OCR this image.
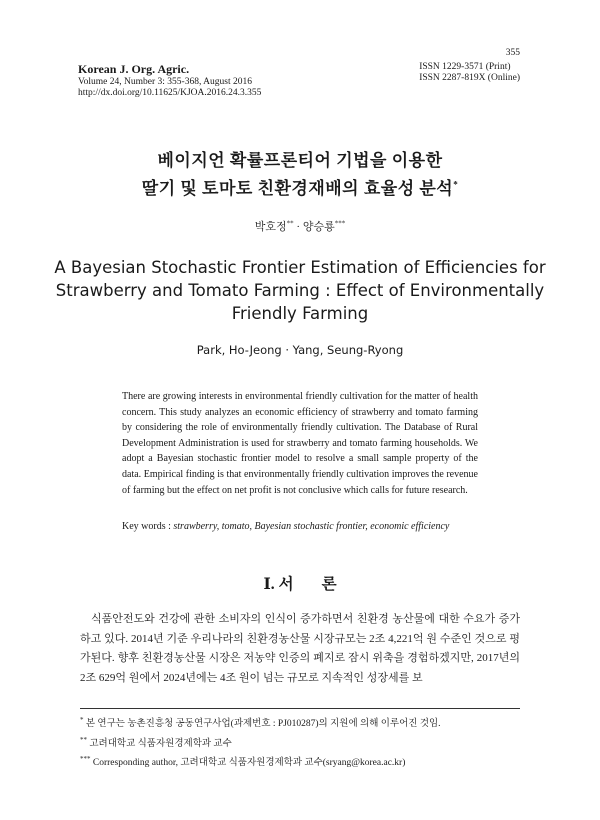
Korean J. Org. Agric.
Volume 24, Number 3: 355-368, August 2016
http://dx.doi.org/10.11625/KJOA.2016.24.3.355
355
ISSN 1229-3571 (Print)
ISSN 2287-819X (Online)
베이지언 확률프론티어 기법을 이용한
딸기 및 토마토 친환경재배의 효율성 분석*
박호정** · 양승룡***
A Bayesian Stochastic Frontier Estimation of Efficiencies for
Strawberry and Tomato Farming : Effect of Environmentally
Friendly Farming
Park, Ho-Jeong · Yang, Seung-Ryong
There are growing interests in environmental friendly cultivation for the matter of health concern. This study analyzes an economic efficiency of strawberry and tomato farming by considering the role of environmentally friendly cultivation. The Database of Rural Development Administration is used for strawberry and tomato farming households. We adopt a Bayesian stochastic frontier model to resolve a small sample property of the data. Empirical finding is that environmentally friendly cultivation improves the revenue of farming but the effect on net profit is not conclusive which calls for future research.
Key words : strawberry, tomato, Bayesian stochastic frontier, economic efficiency
Ⅰ. 서 론

식품안전도와 건강에 관한 소비자의 인식이 증가하면서 친환경 농산물에 대한 수요가 증가하고 있다. 2014년 기준 우리나라의 친환경농산물 시장규모는 2조 4,221억 원 수준인 것으로 평가된다. 향후 친환경농산물 시장은 저농약 인증의 폐지로 잠시 위축을 경험하겠지만, 2017년의 2조 629억 원에서 2024년에는 4조 원이 넘는 규모로 지속적인 성장세를 보

* 본 연구는 농촌진흥청 공동연구사업(과제번호 : PJ010287)의 지원에 의해 이루어진 것임.
** 고려대학교 식품자원경제학과 교수
*** Corresponding author, 고려대학교 식품자원경제학과 교수(sryang@korea.ac.kr)
